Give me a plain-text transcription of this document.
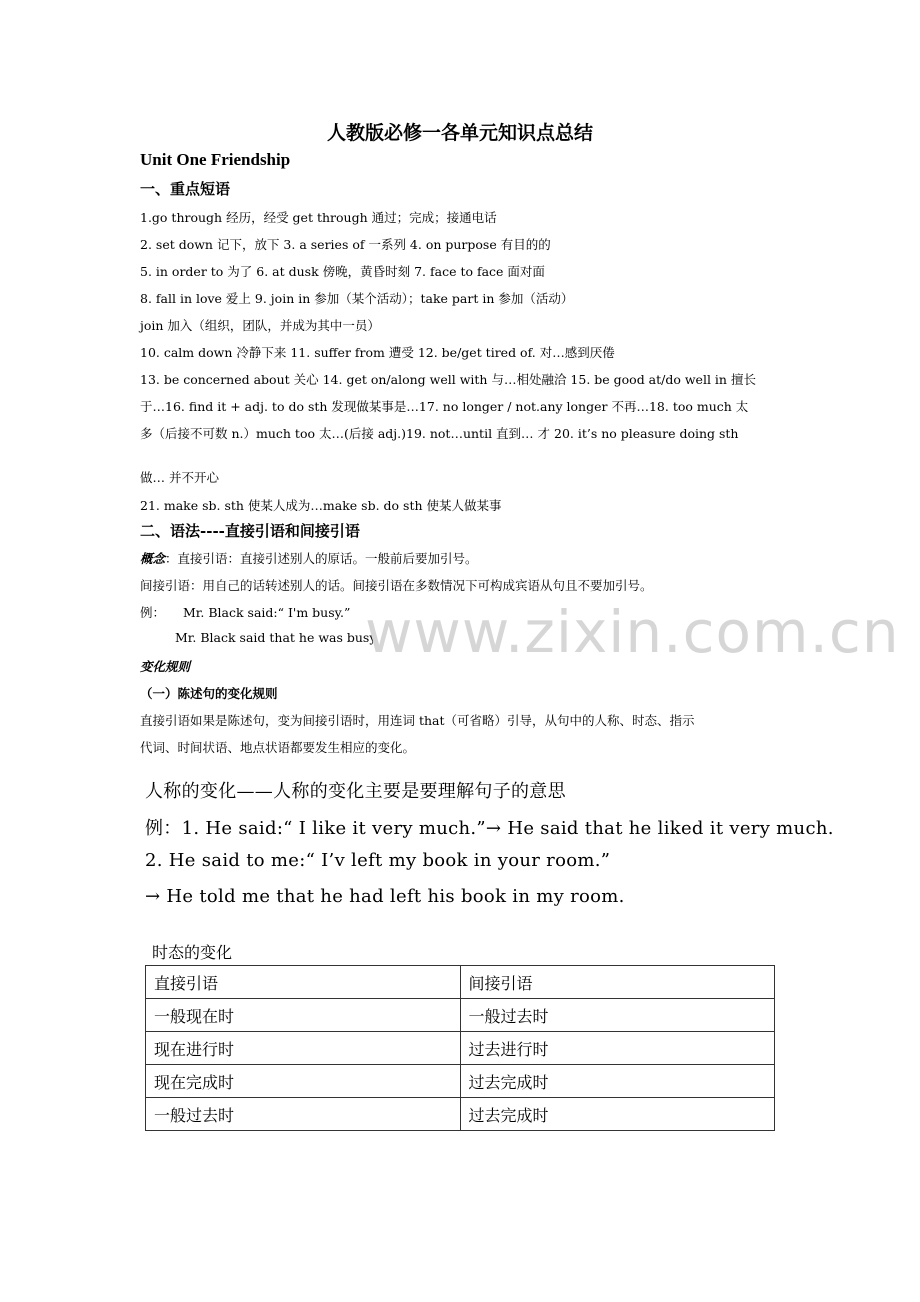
人教版必修一各单元知识点总结
Unit One Friendship
一、重点短语
1.go through 经历，经受 get through 通过；完成；接通电话
2. set down 记下，放下 3. a series of 一系列 4. on purpose 有目的的
5. in order to 为了 6. at dusk 傍晚，黄昏时刻 7. face to face 面对面
8. fall in love 爱上 9. join in 参加（某个活动）；take part in 参加（活动）
join 加入（组织，团队，并成为其中一员）
10. calm down 冷静下来 11. suffer from 遭受 12. be/get tired of. 对…感到厌倦
13. be concerned about 关心 14. get on/along well with 与…相处融洽 15. be good at/do well in 擅长
于…16. find it + adj. to do sth 发现做某事是…17. no longer / not.any longer 不再…18. too much 太
多（后接不可数 n.）much too 太…(后接 adj.)19. not…until 直到… 才 20. it’s no pleasure doing sth
做… 并不开心
21. make sb. sth 使某人成为…make sb. do sth 使某人做某事
二、语法----直接引语和间接引语
概念：直接引语：直接引述别人的原话。一般前后要加引号。
间接引语：用自己的话转述别人的话。间接引语在多数情况下可构成宾语从句且不要加引号。
例： Mr. Black said:“ I'm busy.”
Mr. Black said that he was busy.
变化规则
（一）陈述句的变化规则
直接引语如果是陈述句，变为间接引语时，用连词 that（可省略）引导，从句中的人称、时态、指示
代词、时间状语、地点状语都要发生相应的变化。
www.zixin.com.cn
人称的变化——人称的变化主要是要理解句子的意思
例：1. He said:“ I like it very much.”→ He said that he liked it very much.
2. He said to me:“ I’v left my book in your room.”
→ He told me that he had left his book in my room.
时态的变化
直接引语	间接引语
一般现在时	一般过去时
现在进行时	过去进行时
现在完成时	过去完成时
一般过去时	过去完成时
